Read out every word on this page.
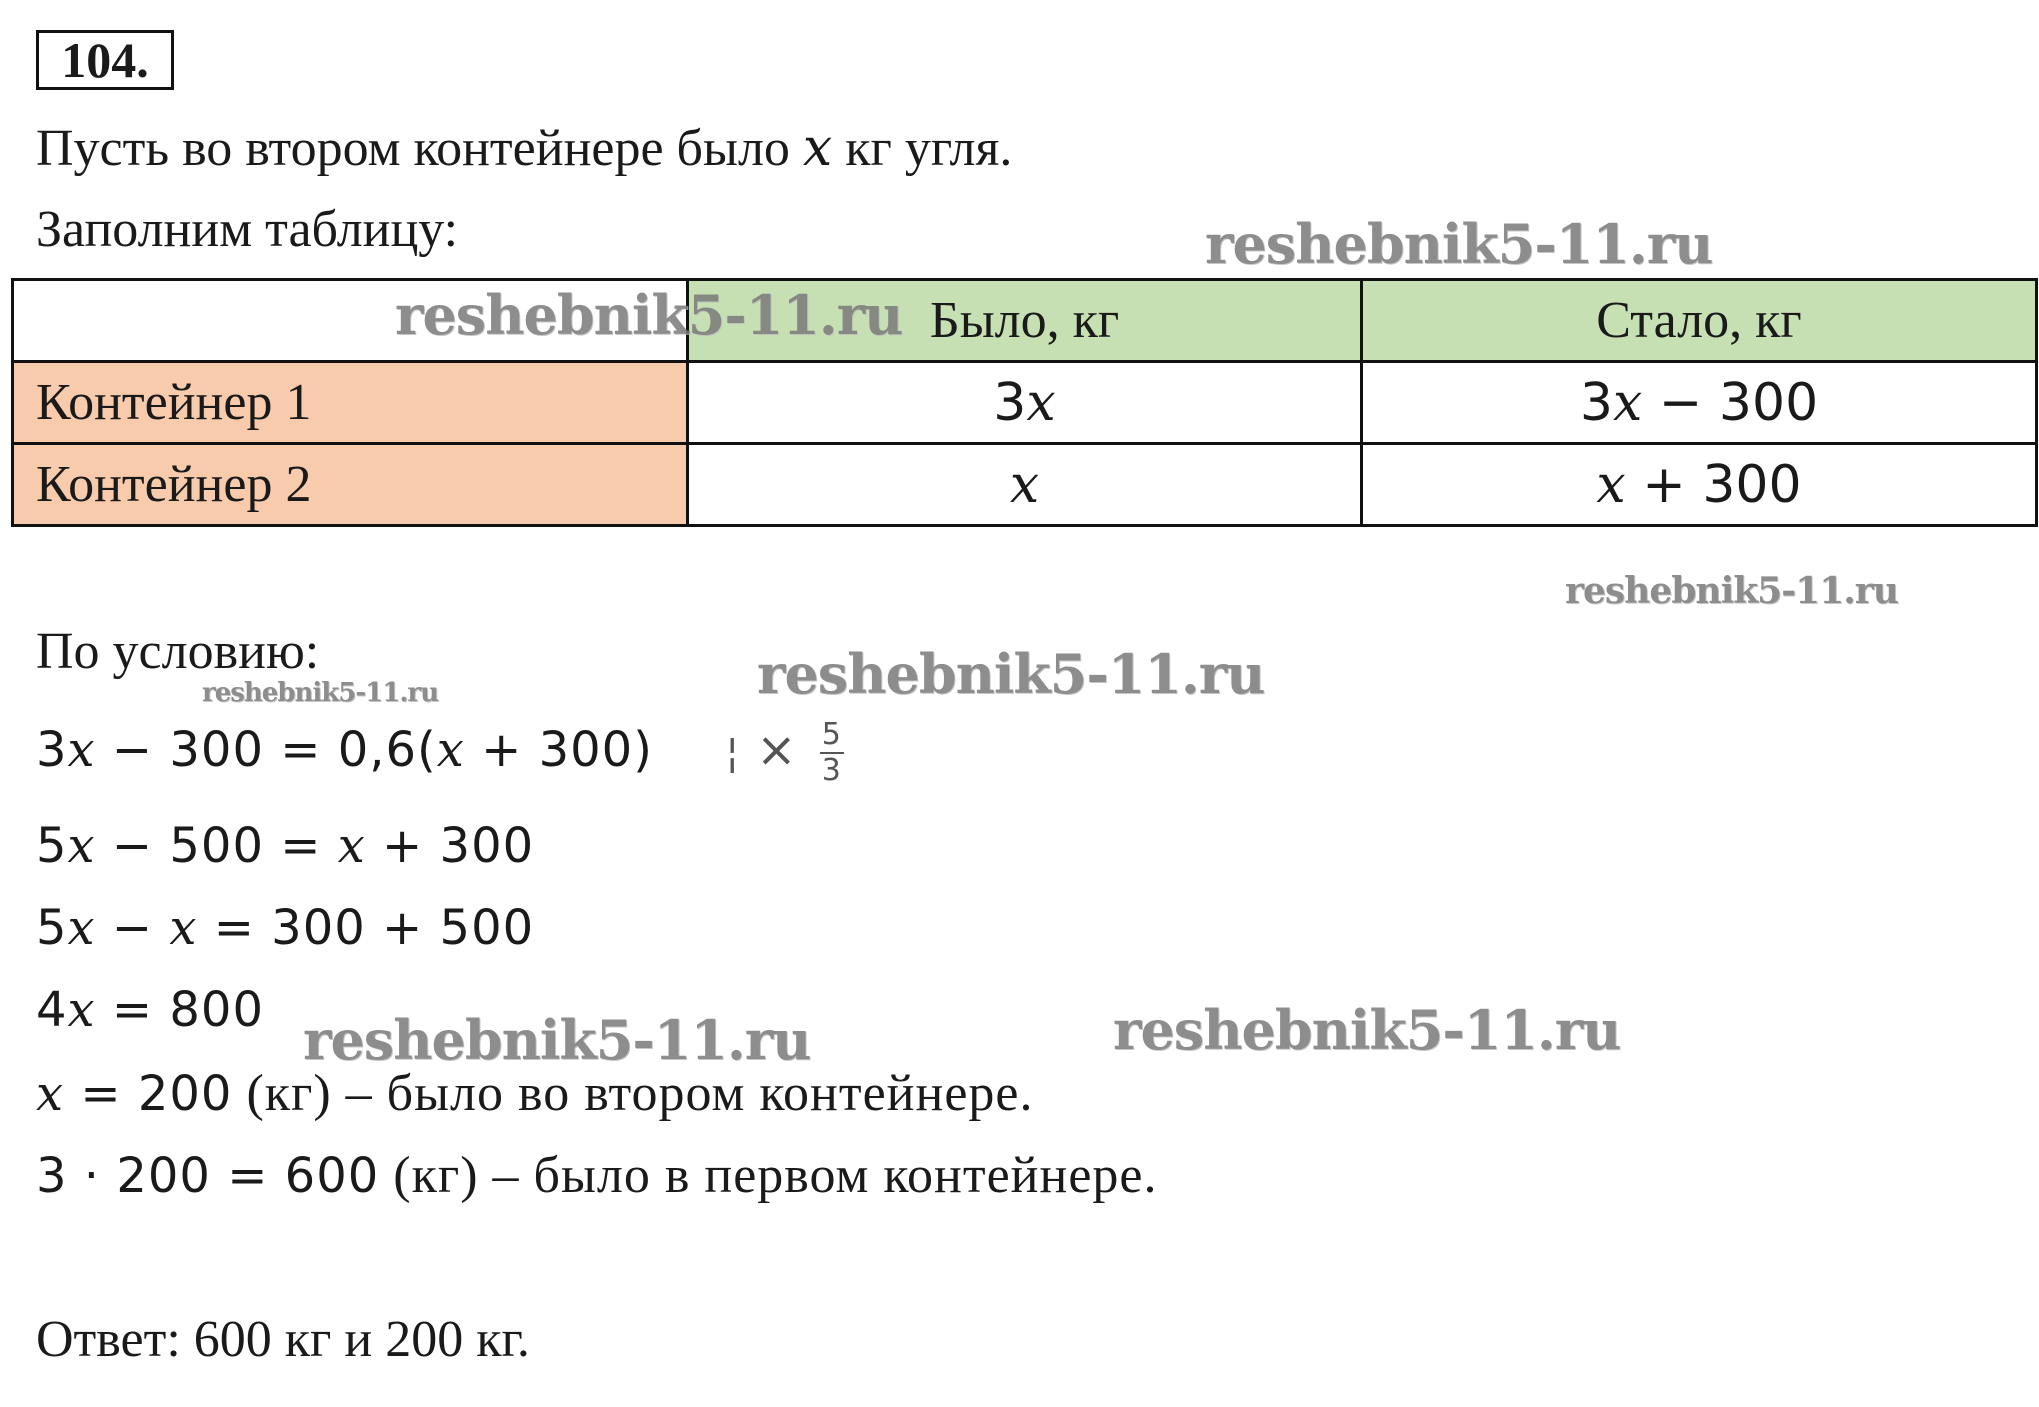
104.
Пусть во втором контейнере было x кг угля.
Заполним таблицу:	reshebnik5-11.ru
	Было, кг	Стало, кг
Контейнер 1	3x	3x − 300
Контейнер 2	x	x + 300
reshebnik5-11.ru
reshebnik5-11.ru
По условию:
reshebnik5-11.ru	reshebnik5-11.ru
3x − 300 = 0,6(x + 300) ¦ × $\frac{5}{3}$
5x − 500 = x + 300
5x − x = 300 + 500
4x = 800 reshebnik5-11.ru	reshebnik5-11.ru
x = 200 (кг) – было во втором контейнере.
3 · 200 = 600 (кг) – было в первом контейнере.
Ответ: 600 кг и 200 кг.
